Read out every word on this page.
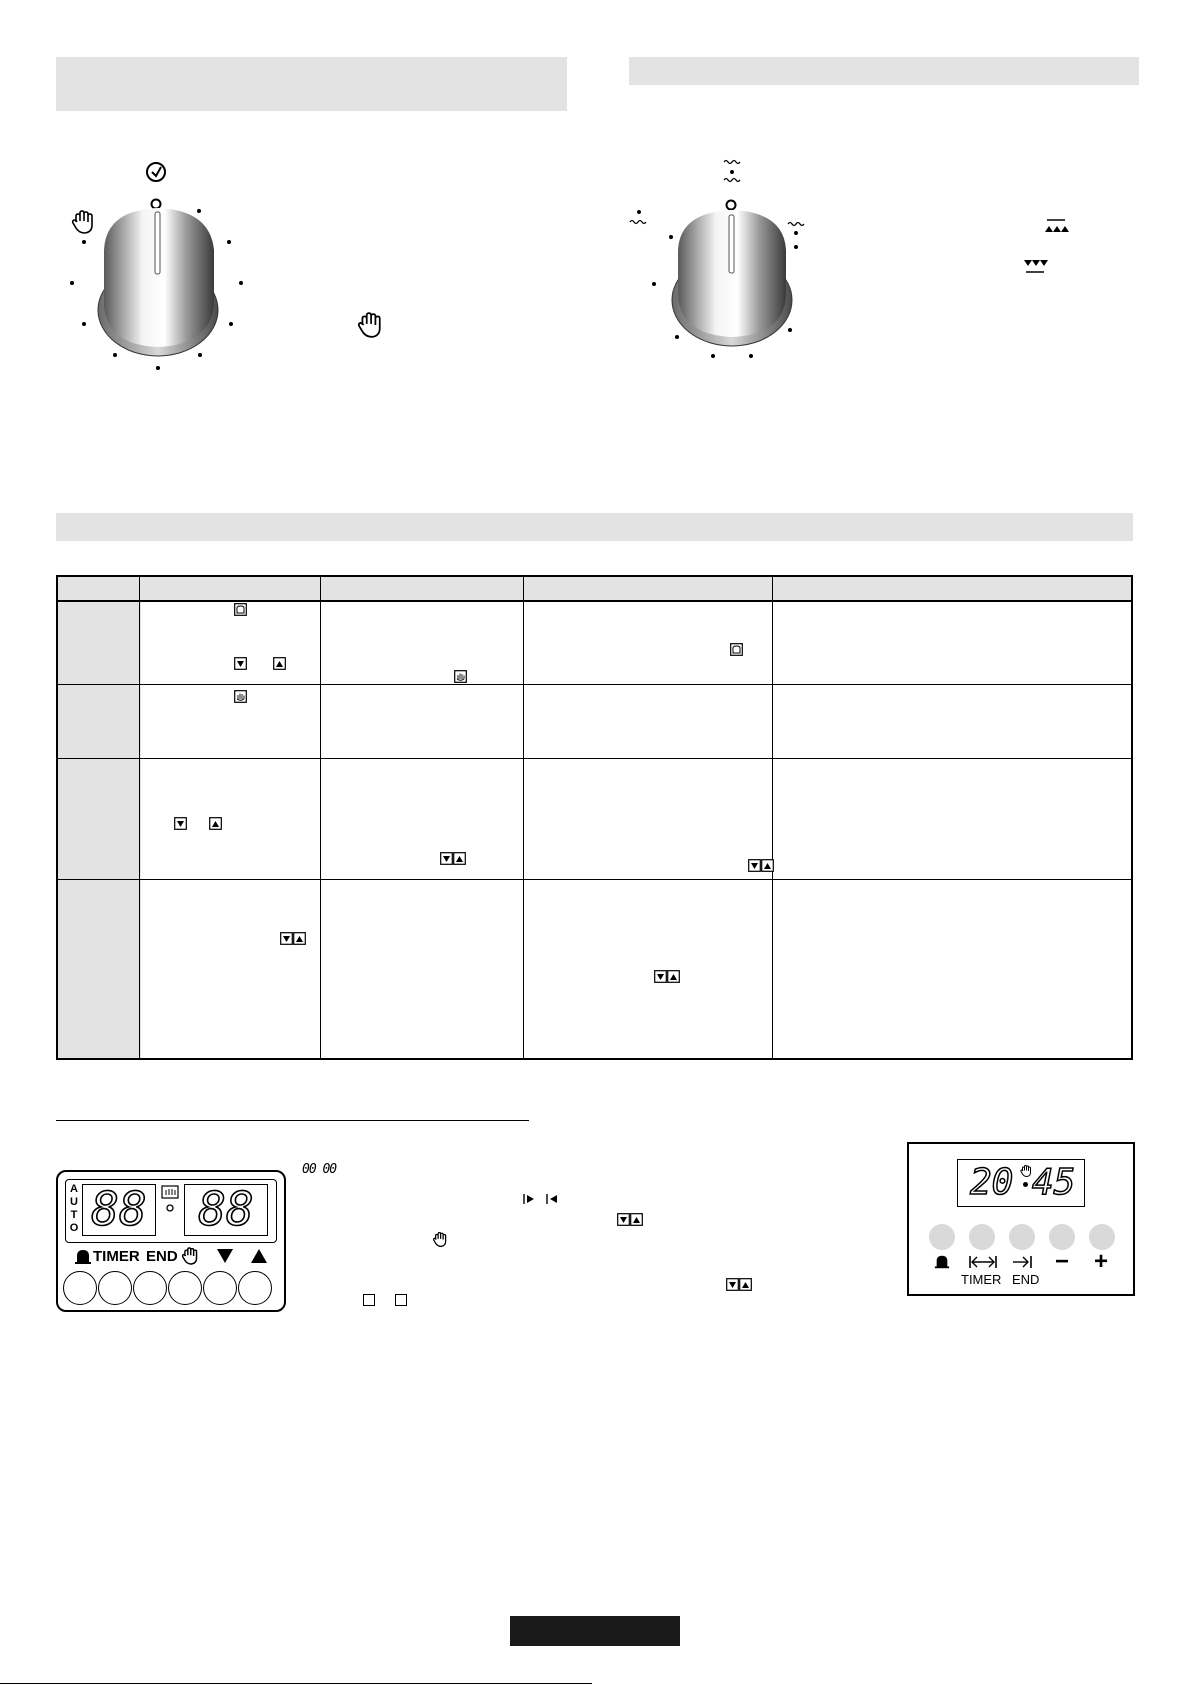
A
U
T
O 88	88
TIMER END
00 00	20 45
− +
TIMER END
